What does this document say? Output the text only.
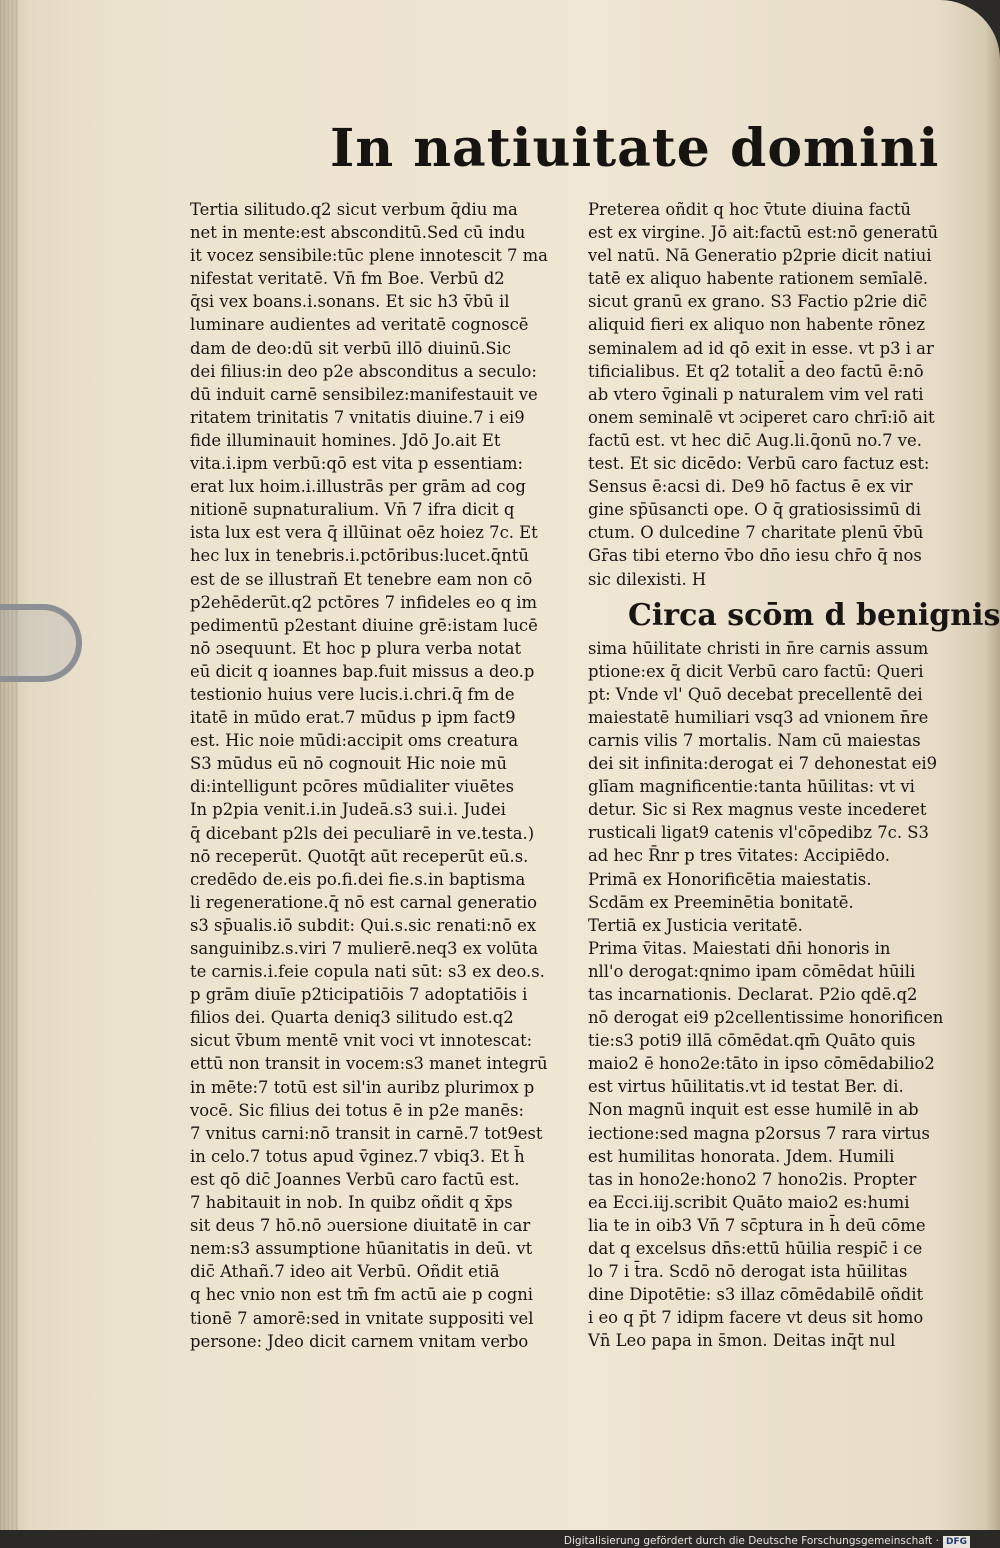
In natiuitate domini
Tertia silitudo.q2 sicut verbum q̄diu ma
net in mente:est absconditū.Sed cū indu
it vocez sensibile:tūc plene innotescit 7 ma
nifestat veritatē. Vn̄ fm Boe. Verbū d2
q̄si vex boans.i.sonans. Et sic h3 v̄bū il
luminare audientes ad veritatē cognoscē
dam de deo:dū sit verbū illō diuinū.Sic
dei filius:in deo p2e absconditus a seculo:
dū induit carnē sensibilez:manifestauit ve
ritatem trinitatis 7 vnitatis diuine.7 i ei9
fide illuminauit homines. Jdō Jo.ait Et
vita.i.ipm verbū:qō est vita p essentiam:
erat lux hoim.i.illustrās per grām ad cog
nitionē supnaturalium. Vn̄ 7 ifra dicit q
ista lux est vera q̄ illūinat oēz hoiez 7c. Et
hec lux in tenebris.i.pctōribus:lucet.q̄ntū
est de se illustrañ Et tenebre eam non cō
p2ehēderūt.q2 pctōres 7 infideles eo q im
pedimentū p2estant diuine grē:istam lucē
nō ɔsequunt. Et hoc p plura verba notat
eū dicit q ioannes bap.fuit missus a deo.p
testionio huius vere lucis.i.chri.q̄ fm de
itatē in mūdo erat.7 mūdus p ipm fact9
est. Hic noie mūdi:accipit oms creatura
S3 mūdus eū nō cognouit Hic noie mū
di:intelligunt pcōres mūdialiter viuētes
In p2pia venit.i.in Judeā.s3 sui.i. Judei
q̄ dicebant p2ls dei peculiarē in ve.testa.)
nō receperūt. Quotq̄t aūt receperūt eū.s.
credēdo de.eis po.fi.dei fie.s.in baptisma
li regeneratione.q̄ nō est carnal generatio
s3 sp̄ualis.iō subdit: Qui.s.sic renati:nō ex
sanguinibz.s.viri 7 mulierē.neq3 ex volūta
te carnis.i.feie copula nati sūt: s3 ex deo.s.
p grām diuīe p2ticipatiōis 7 adoptatiōis i
filios dei. Quarta deniq3 silitudo est.q2
sicut v̄bum mentē vnit voci vt innotescat:
ettū non transit in vocem:s3 manet integrū
in mēte:7 totū est sil'in auribz plurimox p
vocē. Sic filius dei totus ē in p2e manēs:
7 vnitus carni:nō transit in carnē.7 tot9est
in celo.7 totus apud v̄ginez.7 vbiq3. Et h̄
est qō dic̄ Joannes Verbū caro factū est.
7 habitauit in nob. In quibz oñdit q x̄ps
sit deus 7 hō.nō ɔuersione diuitatē in car
nem:s3 assumptione hūanitatis in deū. vt
dic̄ Athañ.7 ideo ait Verbū. Oñdit etiā
q hec vnio non est tm̄ fm actū aie p cogni
tionē 7 amorē:sed in vnitate suppositi vel
persone: Jdeo dicit carnem vnitam verbo
Preterea oñdit q hoc v̄tute diuina factū
est ex virgine. Jō ait:factū est:nō generatū
vel natū. Nā Generatio p2prie dicit natiui
tatē ex aliquo habente rationem semīalē.
sicut granū ex grano. S3 Factio p2rie dic̄
aliquid fieri ex aliquo non habente rōnez
seminalem ad id qō exit in esse. vt p3 i ar
tificialibus. Et q2 totalit̄ a deo factū ē:nō
ab vtero v̄ginali p naturalem vim vel rati
onem seminalē vt ɔciperet caro chrī:iō ait
factū est. vt hec dic̄ Aug.li.q̄onū no.7 ve.
test. Et sic dicēdo: Verbū caro factuz est:
Sensus ē:acsi di. De9 hō factus ē ex vir
gine sp̄ūsancti ope. O q̄ gratiosissimū di
ctum. O dulcedine 7 charitate plenū v̄bū
Gr̄as tibi eterno v̄bo dn̄o iesu chr̄o q̄ nos
sic dilexisti. H
Circa scōm d benignis
sima hūilitate christi in n̄re carnis assum
ptione:ex q̄ dicit Verbū caro factū: Queri
pt: Vnde vl' Quō decebat precellentē dei
maiestatē humiliari vsq3 ad vnionem n̄re
carnis vilis 7 mortalis. Nam cū maiestas
dei sit infinita:derogat ei 7 dehonestat ei9
glīam magnificentie:tanta hūilitas: vt vi
detur. Sic si Rex magnus veste incederet
rusticali ligat9 catenis vl'cōpedibz 7c. S3
ad hec R̄nr p tres v̄itates: Accipiēdo.
Primā ex Honorificētia maiestatis.
Scdām ex Preeminētia bonitatē.
Tertiā ex Justicia veritatē.
Prima v̄itas. Maiestati dn̄i honoris in
nll'o derogat:qnimo ipam cōmēdat hūili
tas incarnationis. Declarat. P2io qdē.q2
nō derogat ei9 p2cellentissime honorificen
tie:s3 poti9 illā cōmēdat.qm̄ Quāto quis
maio2 ē hono2e:tāto in ipso cōmēdabilio2
est virtus hūilitatis.vt id testat Ber. di.
Non magnū inquit est esse humilē in ab
iectione:sed magna p2orsus 7 rara virtus
est humilitas honorata. Jdem. Humili
tas in hono2e:hono2 7 hono2is. Propter
ea Ecci.iij.scribit Quāto maio2 es:humi
lia te in oib3 Vn̄ 7 sc̄ptura in h̄ deū cōme
dat q excelsus dn̄s:ettū hūilia respic̄ i ce
lo 7 i t̄ra. Scdō nō derogat ista hūilitas
dine Dipotētie: s3 illaz cōmēdabilē oñdit
i eo q p̄t 7 idipm facere vt deus sit homo
Vn̄ Leo papa in s̄mon. Deitas inq̄t nul
Digitalisierung gefördert durch die Deutsche Forschungsgemeinschaft · DFG
